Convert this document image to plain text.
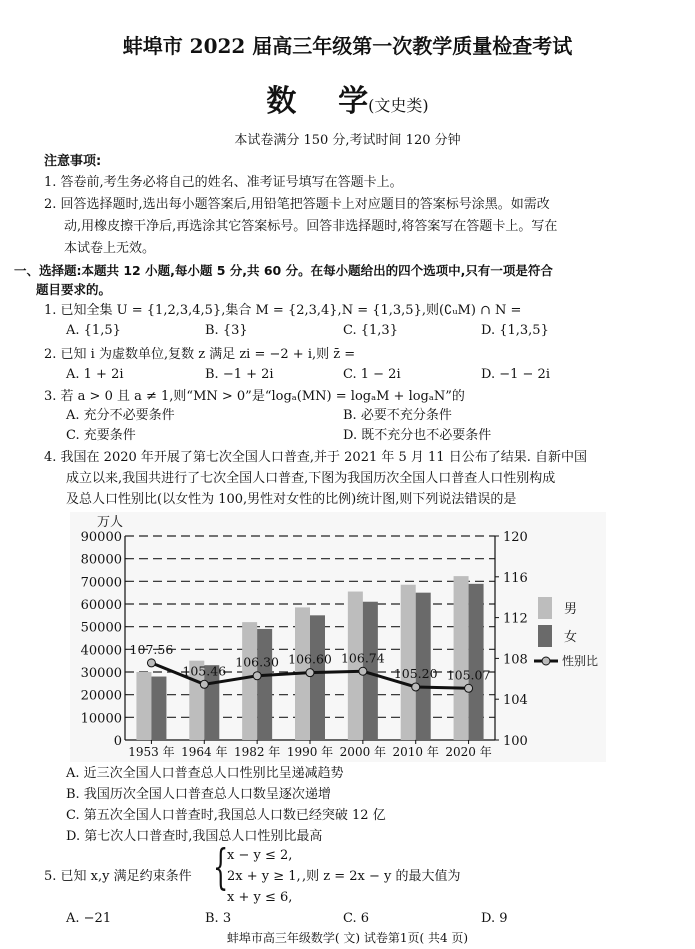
蚌埠市 2022 届高三年级第一次教学质量检查考试
数    学(文史类)
本试卷满分 150 分,考试时间 120 分钟
注意事项:
1. 答卷前,考生务必将自己的姓名、准考证号填写在答题卡上。
2. 回答选择题时,选出每小题答案后,用铅笔把答题卡上对应题目的答案标号涂黑。如需改
动,用橡皮擦干净后,再选涂其它答案标号。回答非选择题时,将答案写在答题卡上。写在
本试卷上无效。
一、选择题:本题共 12 小题,每小题 5 分,共 60 分。在每小题给出的四个选项中,只有一项是符合
题目要求的。
1. 已知全集 U = {1,2,3,4,5},集合 M = {2,3,4},N = {1,3,5},则(∁ᵤM) ∩ N =
A. {1,5}	B. {3}	C. {1,3}	D. {1,3,5}
2. 已知 i 为虚数单位,复数 z 满足 zi = −2 + i,则 z̄ =
A. 1 + 2i	B. −1 + 2i	C. 1 − 2i	D. −1 − 2i
3. 若 a > 0 且 a ≠ 1,则“MN > 0”是“logₐ(MN) = logₐM + logₐN”的
A. 充分不必要条件	B. 必要不充分条件
C. 充要条件	D. 既不充分也不必要条件
4. 我国在 2020 年开展了第七次全国人口普查,并于 2021 年 5 月 11 日公布了结果. 自新中国
成立以来,我国共进行了七次全国人口普查,下图为我国历次全国人口普查人口性别构成
及总人口性别比(以女性为 100,男性对女性的比例)统计图,则下列说法错误的是
万人
0
10000
20000
30000
40000
50000
60000
70000
80000
90000
100
104
108
112
116
120
1953 年 1964 年 1982 年 1990 年 2000 年 2010 年 2020 年
107.56
105.46
106.30 106.60 106.74
105.20 105.07
男
女
性别比
A. 近三次全国人口普查总人口性别比呈递减趋势
B. 我国历次全国人口普查总人口数呈逐次递增
C. 第五次全国人口普查时,我国总人口数已经突破 12 亿
D. 第七次人口普查时,我国总人口性别比最高
5. 已知 x,y 满足约束条件 {
x − y ≤ 2,
2x + y ≥ 1,
x + y ≤ 6,
,则 z = 2x − y 的最大值为
A. −21	B. 3	C. 6	D. 9
蚌埠市高三年级数学( 文) 试卷第1页( 共4 页)
